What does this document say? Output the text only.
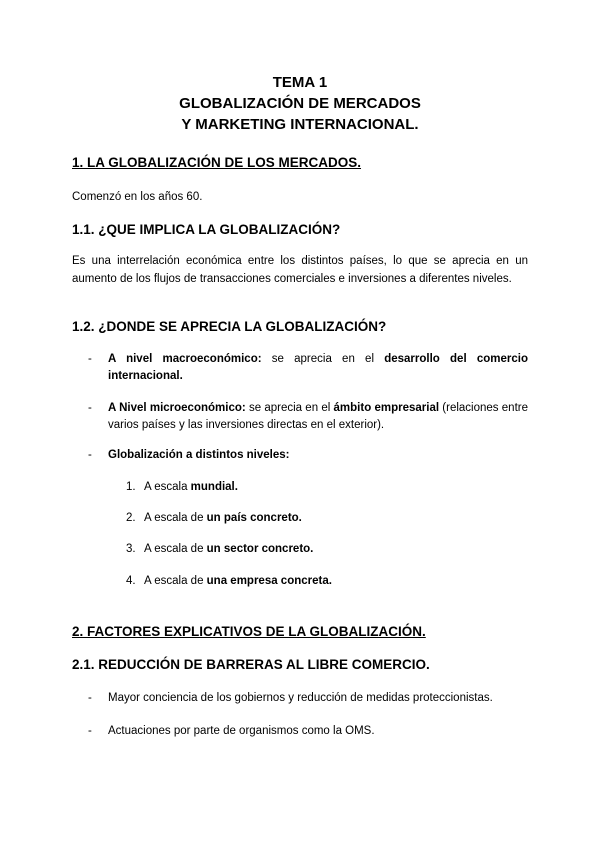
TEMA 1
GLOBALIZACIÓN DE MERCADOS
Y MARKETING INTERNACIONAL.
1. LA GLOBALIZACIÓN DE LOS MERCADOS.
Comenzó en los años 60.
1.1. ¿QUE IMPLICA LA GLOBALIZACIÓN?
Es una interrelación económica entre los distintos países, lo que se aprecia en un aumento de los flujos de transacciones comerciales e inversiones a diferentes niveles.
1.2. ¿DONDE SE APRECIA LA GLOBALIZACIÓN?
- A nivel macroeconómico: se aprecia en el desarrollo del comercio internacional.
- A Nivel microeconómico: se aprecia en el ámbito empresarial (relaciones entre varios países y las inversiones directas en el exterior).
- Globalización a distintos niveles:
1. A escala mundial.
2. A escala de un país concreto.
3. A escala de un sector concreto.
4. A escala de una empresa concreta.
2. FACTORES EXPLICATIVOS DE LA GLOBALIZACIÓN.
2.1. REDUCCIÓN DE BARRERAS AL LIBRE COMERCIO.
- Mayor conciencia de los gobiernos y reducción de medidas proteccionistas.
- Actuaciones por parte de organismos como la OMS.
